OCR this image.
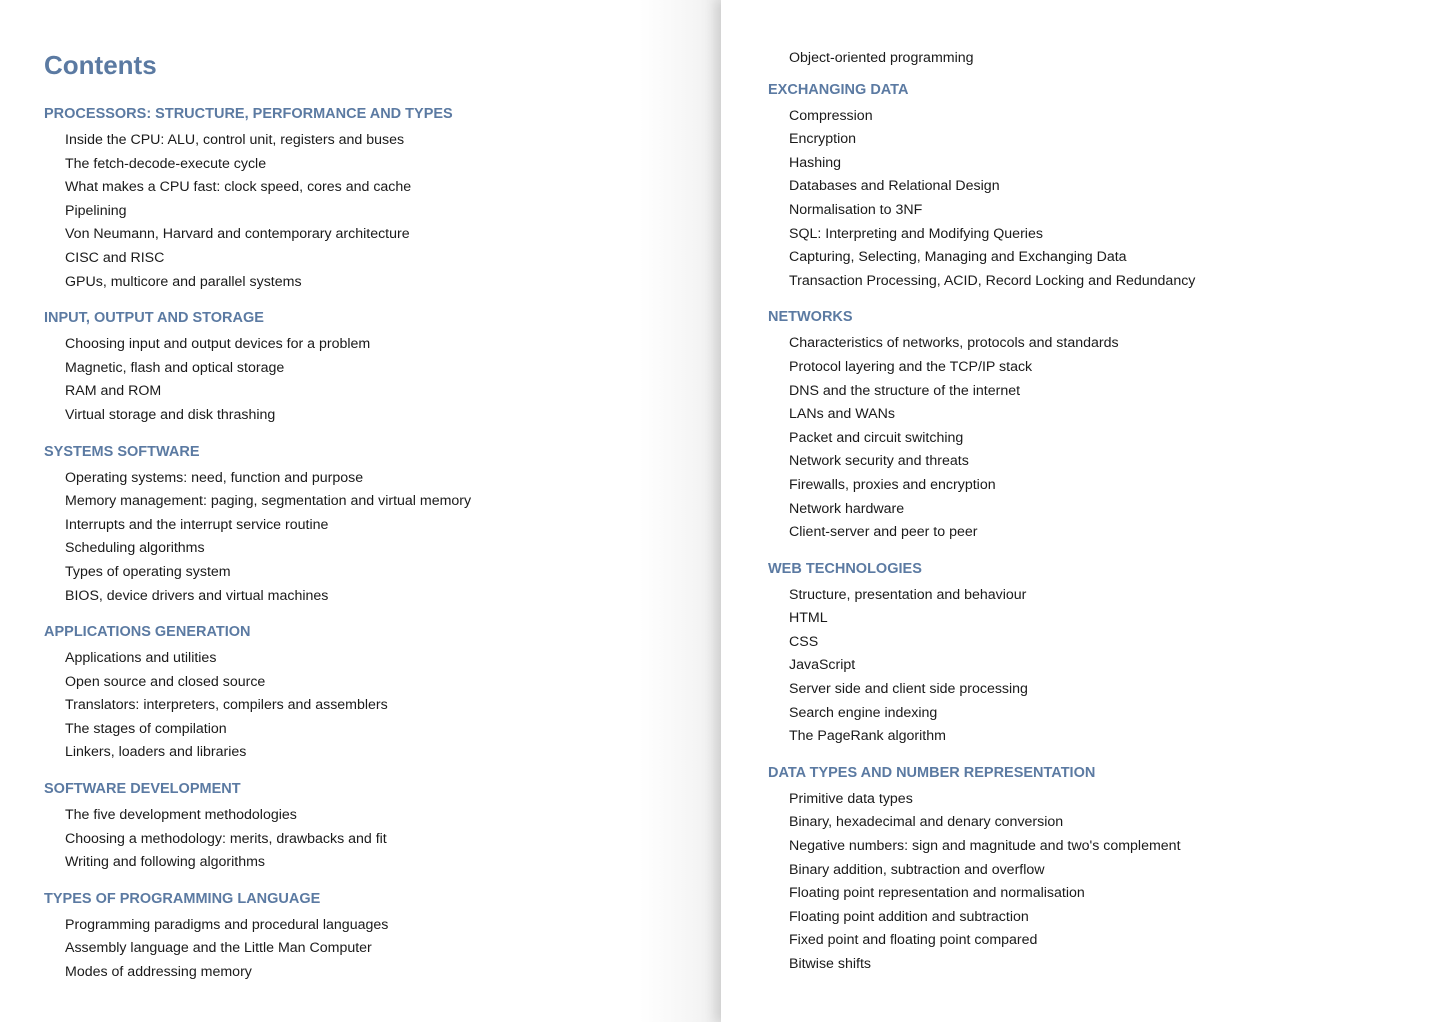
Contents
PROCESSORS: STRUCTURE, PERFORMANCE AND TYPES
Inside the CPU: ALU, control unit, registers and buses
The fetch-decode-execute cycle
What makes a CPU fast: clock speed, cores and cache
Pipelining
Von Neumann, Harvard and contemporary architecture
CISC and RISC
GPUs, multicore and parallel systems
INPUT, OUTPUT AND STORAGE
Choosing input and output devices for a problem
Magnetic, flash and optical storage
RAM and ROM
Virtual storage and disk thrashing
SYSTEMS SOFTWARE
Operating systems: need, function and purpose
Memory management: paging, segmentation and virtual memory
Interrupts and the interrupt service routine
Scheduling algorithms
Types of operating system
BIOS, device drivers and virtual machines
APPLICATIONS GENERATION
Applications and utilities
Open source and closed source
Translators: interpreters, compilers and assemblers
The stages of compilation
Linkers, loaders and libraries
SOFTWARE DEVELOPMENT
The five development methodologies
Choosing a methodology: merits, drawbacks and fit
Writing and following algorithms
TYPES OF PROGRAMMING LANGUAGE
Programming paradigms and procedural languages
Assembly language and the Little Man Computer
Modes of addressing memory
Object-oriented programming
EXCHANGING DATA
Compression
Encryption
Hashing
Databases and Relational Design
Normalisation to 3NF
SQL: Interpreting and Modifying Queries
Capturing, Selecting, Managing and Exchanging Data
Transaction Processing, ACID, Record Locking and Redundancy
NETWORKS
Characteristics of networks, protocols and standards
Protocol layering and the TCP/IP stack
DNS and the structure of the internet
LANs and WANs
Packet and circuit switching
Network security and threats
Firewalls, proxies and encryption
Network hardware
Client-server and peer to peer
WEB TECHNOLOGIES
Structure, presentation and behaviour
HTML
CSS
JavaScript
Server side and client side processing
Search engine indexing
The PageRank algorithm
DATA TYPES AND NUMBER REPRESENTATION
Primitive data types
Binary, hexadecimal and denary conversion
Negative numbers: sign and magnitude and two's complement
Binary addition, subtraction and overflow
Floating point representation and normalisation
Floating point addition and subtraction
Fixed point and floating point compared
Bitwise shifts
